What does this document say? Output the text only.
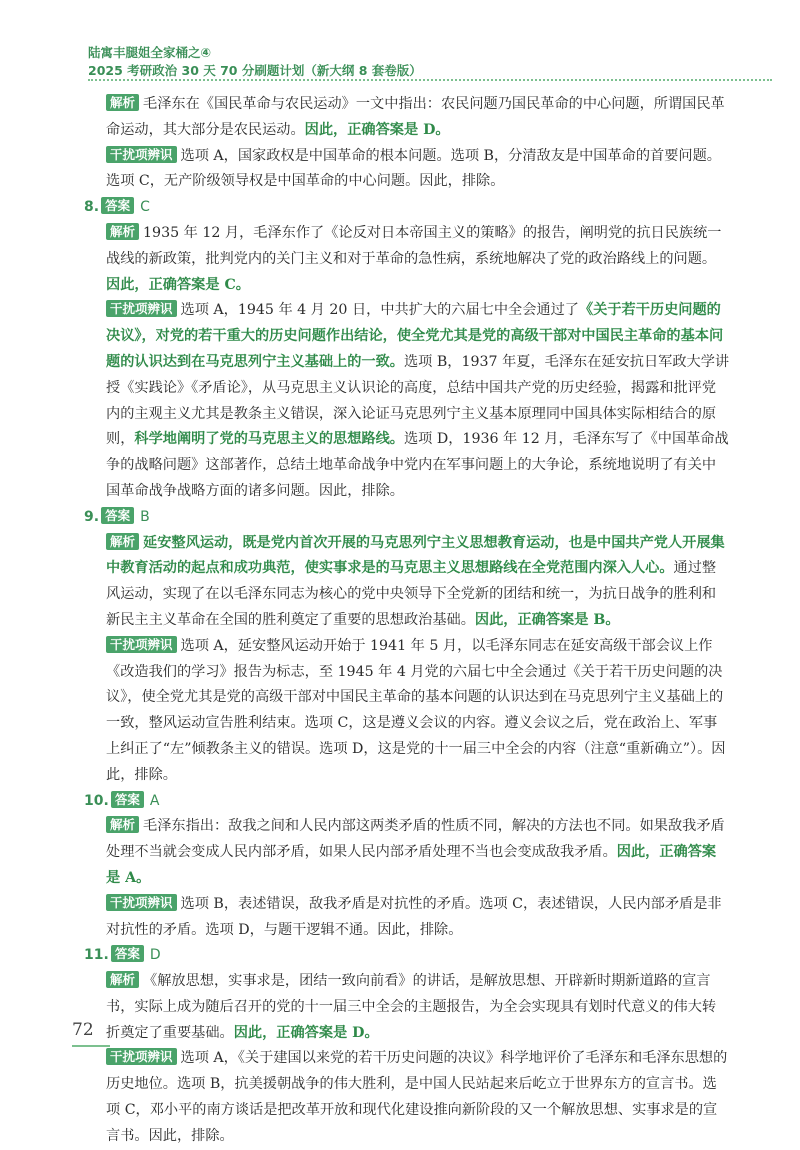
陆寓丰腿姐全家桶之④
2025 考研政治 30 天 70 分刷题计划（新大纲 8 套卷版）

解析 毛泽东在《国民革命与农民运动》一文中指出：农民问题乃国民革命的中心问题，所谓国民革命运动，其大部分是农民运动。因此，正确答案是 D。

干扰项辨识 选项 A，国家政权是中国革命的根本问题。选项 B，分清敌友是中国革命的首要问题。选项 C，无产阶级领导权是中国革命的中心问题。因此，排除。

8. 答案 C

解析 1935 年 12 月，毛泽东作了《论反对日本帝国主义的策略》的报告，阐明党的抗日民族统一战线的新政策，批判党内的关门主义和对于革命的急性病，系统地解决了党的政治路线上的问题。因此，正确答案是 C。

干扰项辨识 选项 A，1945 年 4 月 20 日，中共扩大的六届七中全会通过了《关于若干历史问题的决议》，对党的若干重大的历史问题作出结论，使全党尤其是党的高级干部对中国民主革命的基本问题的认识达到在马克思列宁主义基础上的一致。选项 B，1937 年夏，毛泽东在延安抗日军政大学讲授《实践论》《矛盾论》，从马克思主义认识论的高度，总结中国共产党的历史经验，揭露和批评党内的主观主义尤其是教条主义错误，深入论证马克思列宁主义基本原理同中国具体实际相结合的原则，科学地阐明了党的马克思主义的思想路线。选项 D，1936 年 12 月，毛泽东写了《中国革命战争的战略问题》这部著作，总结土地革命战争中党内在军事问题上的大争论，系统地说明了有关中国革命战争战略方面的诸多问题。因此，排除。

9. 答案 B

解析 延安整风运动，既是党内首次开展的马克思列宁主义思想教育运动，也是中国共产党人开展集中教育活动的起点和成功典范，使实事求是的马克思主义思想路线在全党范围内深入人心。通过整风运动，实现了在以毛泽东同志为核心的党中央领导下全党新的团结和统一，为抗日战争的胜利和新民主主义革命在全国的胜利奠定了重要的思想政治基础。因此，正确答案是 B。

干扰项辨识 选项 A，延安整风运动开始于 1941 年 5 月，以毛泽东同志在延安高级干部会议上作《改造我们的学习》报告为标志，至 1945 年 4 月党的六届七中全会通过《关于若干历史问题的决议》，使全党尤其是党的高级干部对中国民主革命的基本问题的认识达到在马克思列宁主义基础上的一致，整风运动宣告胜利结束。选项 C，这是遵义会议的内容。遵义会议之后，党在政治上、军事上纠正了“左”倾教条主义的错误。选项 D，这是党的十一届三中全会的内容（注意“重新确立”）。因此，排除。

10. 答案 A

解析 毛泽东指出：敌我之间和人民内部这两类矛盾的性质不同，解决的方法也不同。如果敌我矛盾处理不当就会变成人民内部矛盾，如果人民内部矛盾处理不当也会变成敌我矛盾。因此，正确答案是 A。

干扰项辨识 选项 B，表述错误，敌我矛盾是对抗性的矛盾。选项 C，表述错误，人民内部矛盾是非对抗性的矛盾。选项 D，与题干逻辑不通。因此，排除。

11. 答案 D

解析 《解放思想，实事求是，团结一致向前看》的讲话，是解放思想、开辟新时期新道路的宣言书，实际上成为随后召开的党的十一届三中全会的主题报告，为全会实现具有划时代意义的伟大转折奠定了重要基础。因此，正确答案是 D。

干扰项辨识 选项 A，《关于建国以来党的若干历史问题的决议》科学地评价了毛泽东和毛泽东思想的历史地位。选项 B，抗美援朝战争的伟大胜利，是中国人民站起来后屹立于世界东方的宣言书。选项 C，邓小平的南方谈话是把改革开放和现代化建设推向新阶段的又一个解放思想、实事求是的宣言书。因此，排除。

72
